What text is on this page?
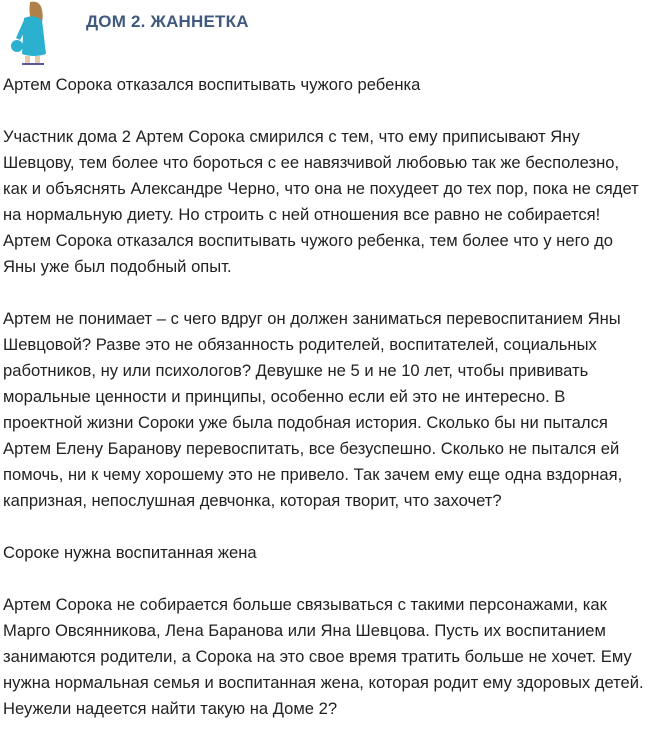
ДОМ 2. ЖАННЕТКА

Артем Сорока отказался воспитывать чужого ребенка

Участник дома 2 Артем Сорока смирился с тем, что ему приписывают Яну
Шевцову, тем более что бороться с ее навязчивой любовью так же бесполезно,
как и объяснять Александре Черно, что она не похудеет до тех пор, пока не сядет
на нормальную диету. Но строить с ней отношения все равно не собирается!
Артем Сорока отказался воспитывать чужого ребенка, тем более что у него до
Яны уже был подобный опыт.

Артем не понимает – с чего вдруг он должен заниматься перевоспитанием Яны
Шевцовой? Разве это не обязанность родителей, воспитателей, социальных
работников, ну или психологов? Девушке не 5 и не 10 лет, чтобы прививать
моральные ценности и принципы, особенно если ей это не интересно. В
проектной жизни Сороки уже была подобная история. Сколько бы ни пытался
Артем Елену Баранову перевоспитать, все безуспешно. Сколько не пытался ей
помочь, ни к чему хорошему это не привело. Так зачем ему еще одна вздорная,
капризная, непослушная девчонка, которая творит, что захочет?

Сороке нужна воспитанная жена

Артем Сорока не собирается больше связываться с такими персонажами, как
Марго Овсянникова, Лена Баранова или Яна Шевцова. Пусть их воспитанием
занимаются родители, а Сорока на это свое время тратить больше не хочет. Ему
нужна нормальная семья и воспитанная жена, которая родит ему здоровых детей.
Неужели надеется найти такую на Доме 2?
